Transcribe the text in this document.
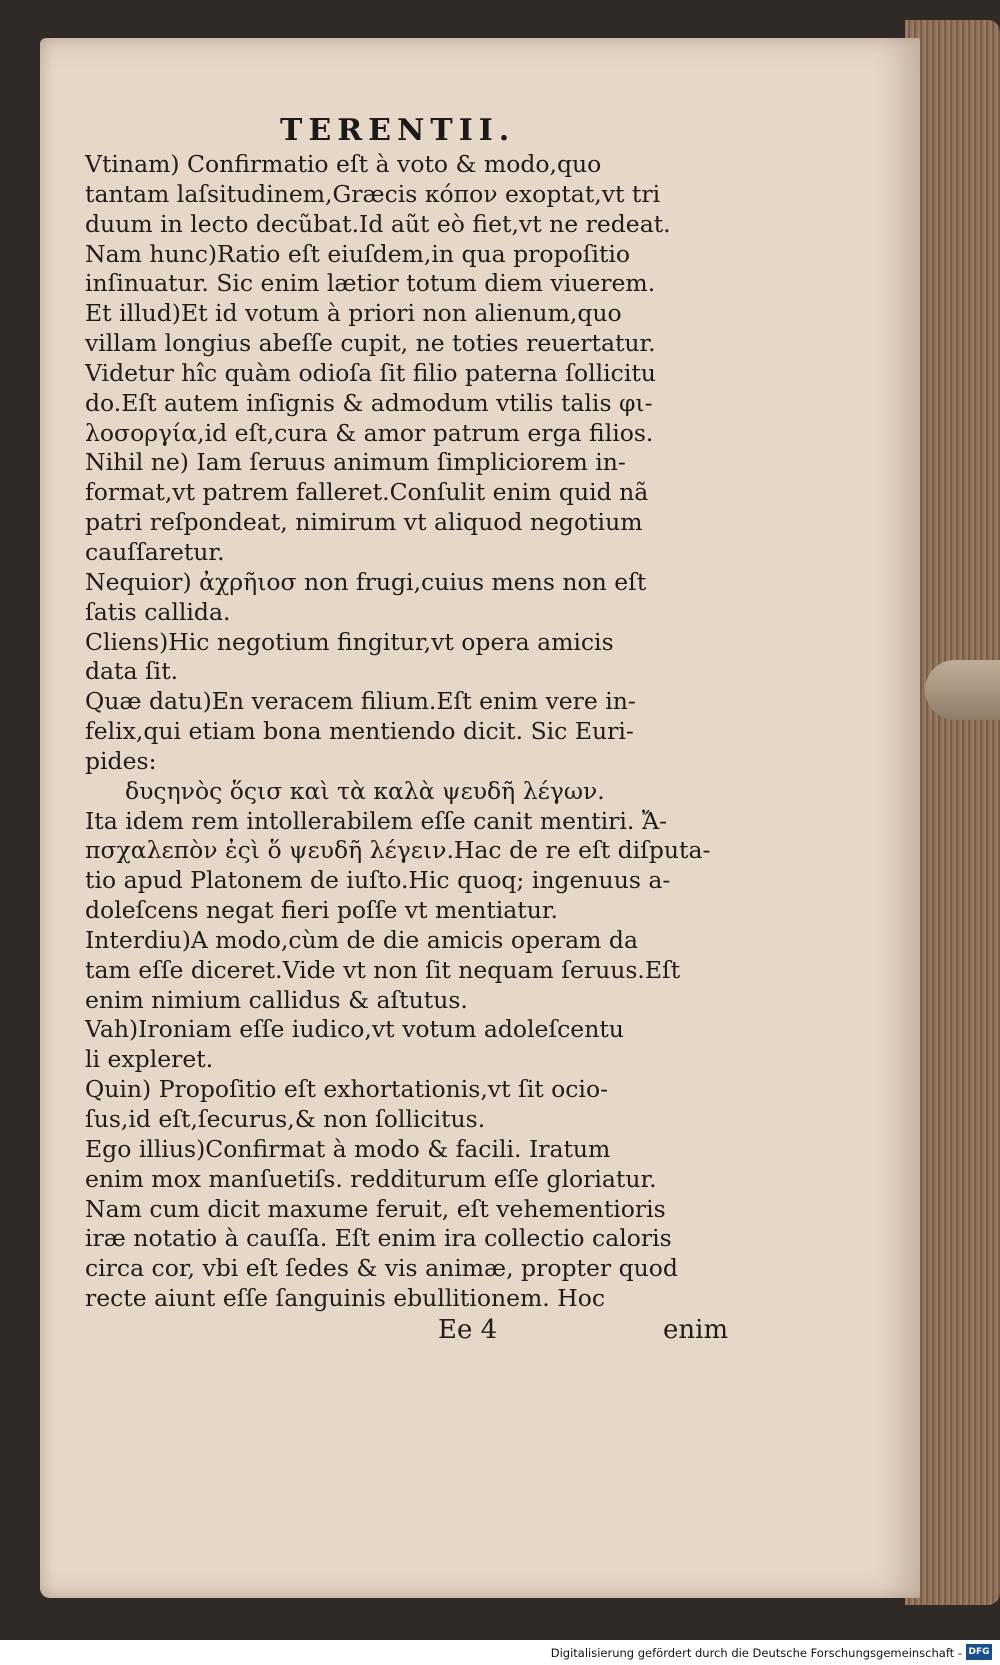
TERENTII.
Vtinam) Confirmatio eſt à voto & modo,quo
tantam laſsitudinem,Græcis κόπον exoptat,vt tri
duum in lecto decũbat.Id aũt eò fiet,vt ne redeat.
Nam hunc)Ratio eſt eiuſdem,in qua propoſitio
inſinuatur. Sic enim lætior totum diem viuerem.
Et illud)Et id votum à priori non alienum,quo
villam longius abeſſe cupit, ne toties reuertatur.
Videtur hîc quàm odioſa ſit filio paterna ſollicitu
do.Eſt autem inſignis & admodum vtilis talis φι-
λοσοργία,id eſt,cura & amor patrum erga filios.
Nihil ne) Iam ſeruus animum ſimpliciorem in-
format,vt patrem falleret.Conſulit enim quid nã
patri reſpondeat, nimirum vt aliquod negotium
cauſſaretur.
Nequior) ἀχρῆιοσ non frugi,cuius mens non eſt
ſatis callida.
Cliens)Hic negotium fingitur,vt opera amicis
data ſit.
Quæ datu)En veracem filium.Eſt enim vere in-
felix,qui etiam bona mentiendo dicit. Sic Euri-
pides:
δυςηνὸς ὅςισ καὶ τὰ καλὰ ψευδῆ λέγων.
Ita idem rem intollerabilem eſſe canit mentiri. Ἄ-
πσχαλεπὸν ἐςὶ ὅ ψευδῆ λέγειν.Hac de re eſt diſputa-
tio apud Platonem de iuſto.Hic quoq; ingenuus a-
doleſcens negat fieri poſſe vt mentiatur.
Interdiu)A modo,cùm de die amicis operam da
tam eſſe diceret.Vide vt non ſit nequam ſeruus.Eſt
enim nimium callidus & aſtutus.
Vah)Ironiam eſſe iudico,vt votum adoleſcentu
li expleret.
Quin) Propoſitio eſt exhortationis,vt ſit ocio-
ſus,id eſt,ſecurus,& non ſollicitus.
Ego illius)Confirmat à modo & facili. Iratum
enim mox manſuetiſs. redditurum eſſe gloriatur.
Nam cum dicit maxume feruit, eſt vehementioris
iræ notatio à cauſſa. Eſt enim ira collectio caloris
circa cor, vbi eſt ſedes & vis animæ, propter quod
recte aiunt eſſe ſanguinis ebullitionem. Hoc
Ee 4	enim
Digitalisierung gefördert durch die Deutsche Forschungsgemeinschaft - DFG
